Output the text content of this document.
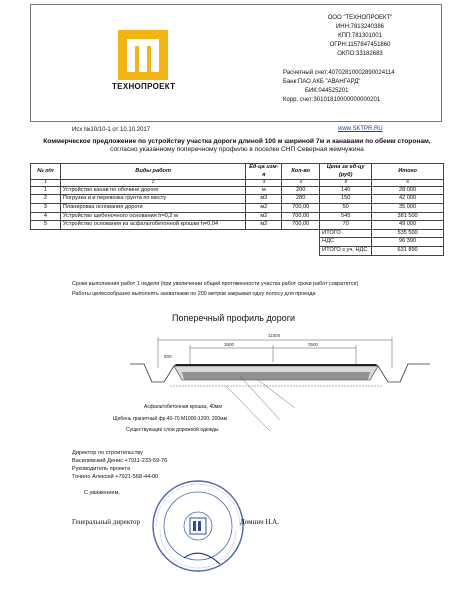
ТЕХНОПРОЕКТ
ООО "ТЕХНОПРОЕКТ"
ИНН:7813240386
КПП:781301001
ОГРН:1157847451860
ОКПО:33182683
Расчетный счет:40702810002890024114
Банк:ПАО АКБ "АВАНГАРД"
БИК:044525201
Корр. счет:30101810000000000201
Исх №10/10-1 от 10.10.2017	www.SKTPR.RU
Коммерческое предложение по устройству участка дороги длиной 100 м шириной 7м и канавами по обеим сторонам,
согласно указанному поперечному профилю в поселке СНП Северная жемчужина
№ п/п	Виды работ	Ед-ца изм-я	Кол-во	Цена за ед-цу (руб)	Итого
1	2	3	4	5	6
1	Устройство канав по обочине дороге	м	200	140	28 000
2	Погрузка и и перевозка грунта по месту	м3	280	150	42 000
3	Планировка основания дороги	м2	700,00	50	35 000
4	Устройство щебеночного основания h=0,2 м	м2	700,00	545	381 500
5	Устройство основания из асфальтобетонной крошки h=0,04	м2	700,00	70	49 000
				ИТОГО	535 500
				НДС	96 390
				ИТОГО с уч. НДС	631 890
Сроки выполнения работ 1 неделя (при увеличении общей протяженности участка работ сроки работ сократятся)
Работы целесообразно выполнять захватками по 200 метров закрывая одну полосу для проезда
Поперечный профиль дороги
11000
3500	3500
500
Асфальтобетонная крошка, 40мм
Щебень гранитный фр.40-70 М1000-1200, 200мм
Существующие слои дорожной одежды
Директор по строительству
Василевский Денис +7911-233-59-76
Руководитель проекта
Точило Алексей +7921-568-44-00
С уважением,
Генеральный директор	Домнич Н.А.
